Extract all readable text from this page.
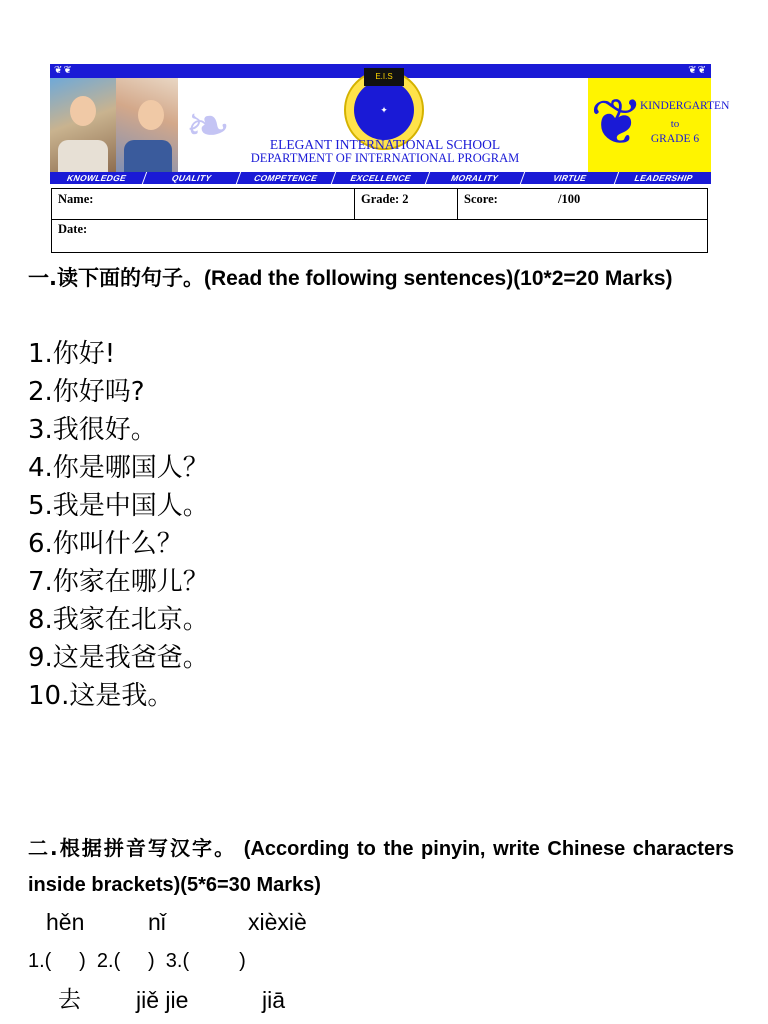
❦❦	❦❦
❧	✦
E.I.S
ELEGANT INTERNATIONAL SCHOOL
DEPARTMENT OF INTERNATIONAL PROGRAM	❦
KINDERGARTEN
to
GRADE 6
KNOWLEDGE	QUALITY	COMPETENCE	EXCELLENCE	MORALITY	VIRTUE	LEADERSHIP
Name:	Grade: 2	Score:	/100
Date:
一.读下面的句子。(Read the following sentences)(10*2=20 Marks)
1.你好!
2.你好吗?
3.我很好。
4.你是哪国人？
5.我是中国人。
6.你叫什么？
7.你家在哪儿？
8.我家在北京。
9.这是我爸爸。
10.这是我。
二.根据拼音写汉字。 (According to the pinyin, write Chinese characters inside brackets)(5*6=30 Marks)
hěn	nǐ	xièxiè
1.(     )  2.(     )  3.(         )
去 jiě jie	jiā
